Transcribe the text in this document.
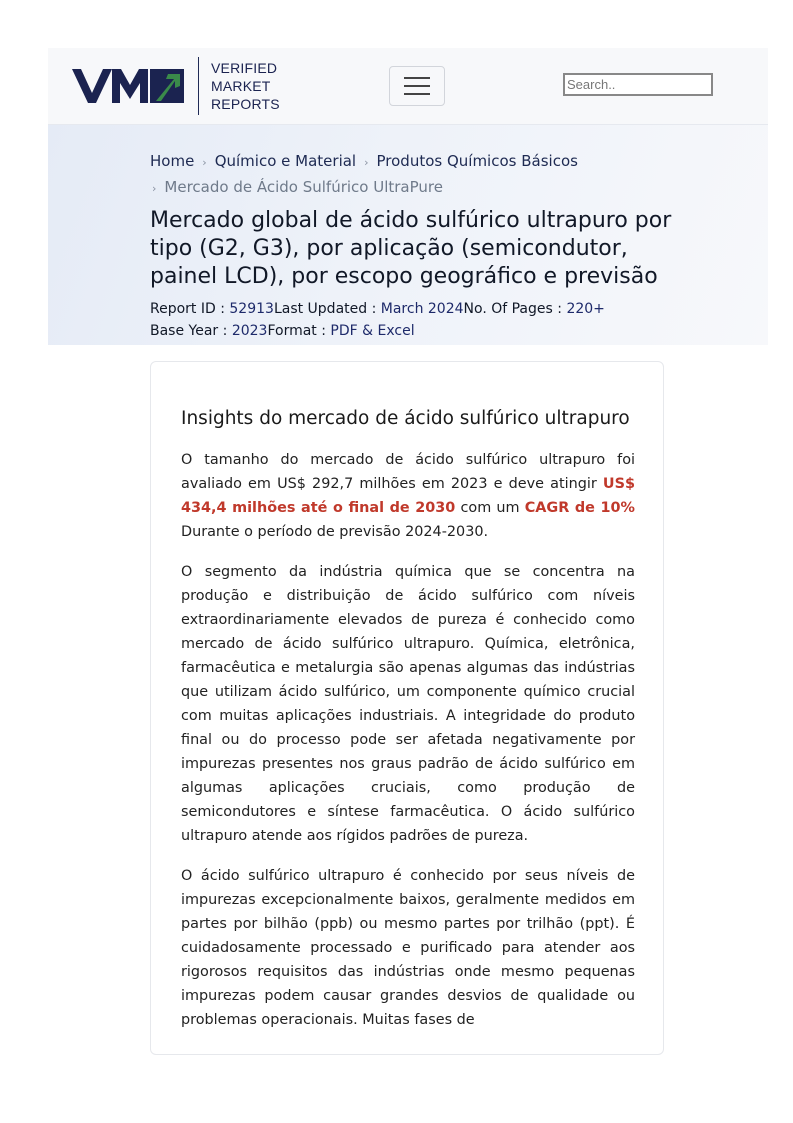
VERIFIED
MARKET
REPORTS
Search..
Home › Químico e Material › Produtos Químicos Básicos
› Mercado de Ácido Sulfúrico UltraPure
Mercado global de ácido sulfúrico ultrapuro por tipo (G2, G3), por aplicação (semicondutor, painel LCD), por escopo geográfico e previsão
Report ID : 52913Last Updated : March 2024No. Of Pages : 220+
Base Year : 2023Format : PDF & Excel
Insights do mercado de ácido sulfúrico ultrapuro

O tamanho do mercado de ácido sulfúrico ultrapuro foi avaliado em US$ 292,7 milhões em 2023 e deve atingir US$ 434,4 milhões até o final de 2030 com um CAGR de 10% Durante o período de previsão 2024-2030.

O segmento da indústria química que se concentra na produção e distribuição de ácido sulfúrico com níveis extraordinariamente elevados de pureza é conhecido como mercado de ácido sulfúrico ultrapuro. Química, eletrônica, farmacêutica e metalurgia são apenas algumas das indústrias que utilizam ácido sulfúrico, um componente químico crucial com muitas aplicações industriais. A integridade do produto final ou do processo pode ser afetada negativamente por impurezas presentes nos graus padrão de ácido sulfúrico em algumas aplicações cruciais, como produção de semicondutores e síntese farmacêutica. O ácido sulfúrico ultrapuro atende aos rígidos padrões de pureza.

O ácido sulfúrico ultrapuro é conhecido por seus níveis de impurezas excepcionalmente baixos, geralmente medidos em partes por bilhão (ppb) ou mesmo partes por trilhão (ppt). É cuidadosamente processado e purificado para atender aos rigorosos requisitos das indústrias onde mesmo pequenas impurezas podem causar grandes desvios de qualidade ou problemas operacionais. Muitas fases de
